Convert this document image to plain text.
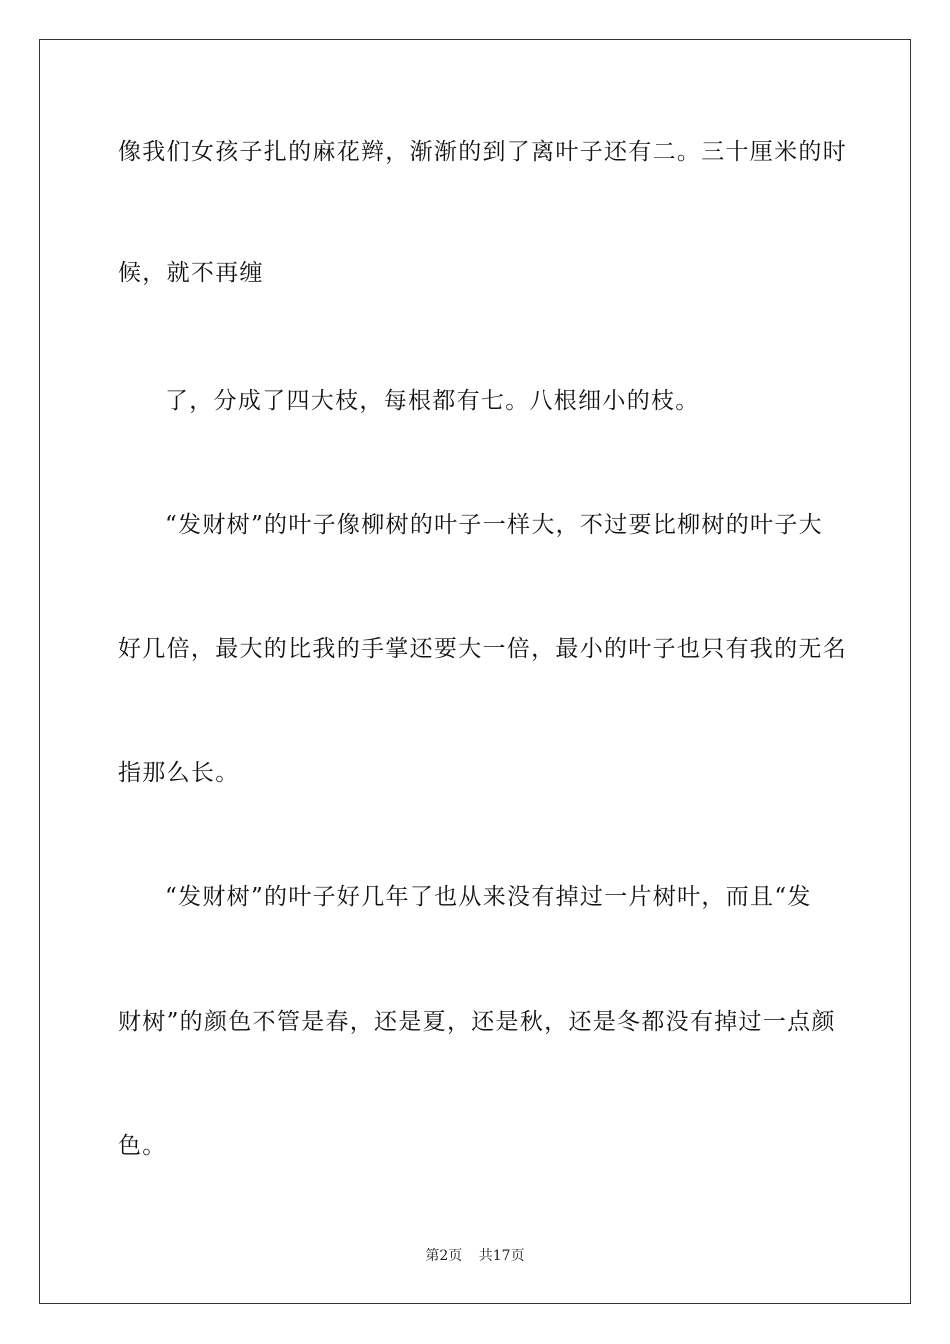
像我们女孩子扎的麻花辫，渐渐的到了离叶子还有二。三十厘米的时
候，就不再缠
了，分成了四大枝，每根都有七。八根细小的枝。
“发财树”的叶子像柳树的叶子一样大，不过要比柳树的叶子大
好几倍，最大的比我的手掌还要大一倍，最小的叶子也只有我的无名
指那么长。
“发财树”的叶子好几年了也从来没有掉过一片树叶，而且“发
财树”的颜色不管是春，还是夏，还是秋，还是冬都没有掉过一点颜
色。
第2页 共17页
